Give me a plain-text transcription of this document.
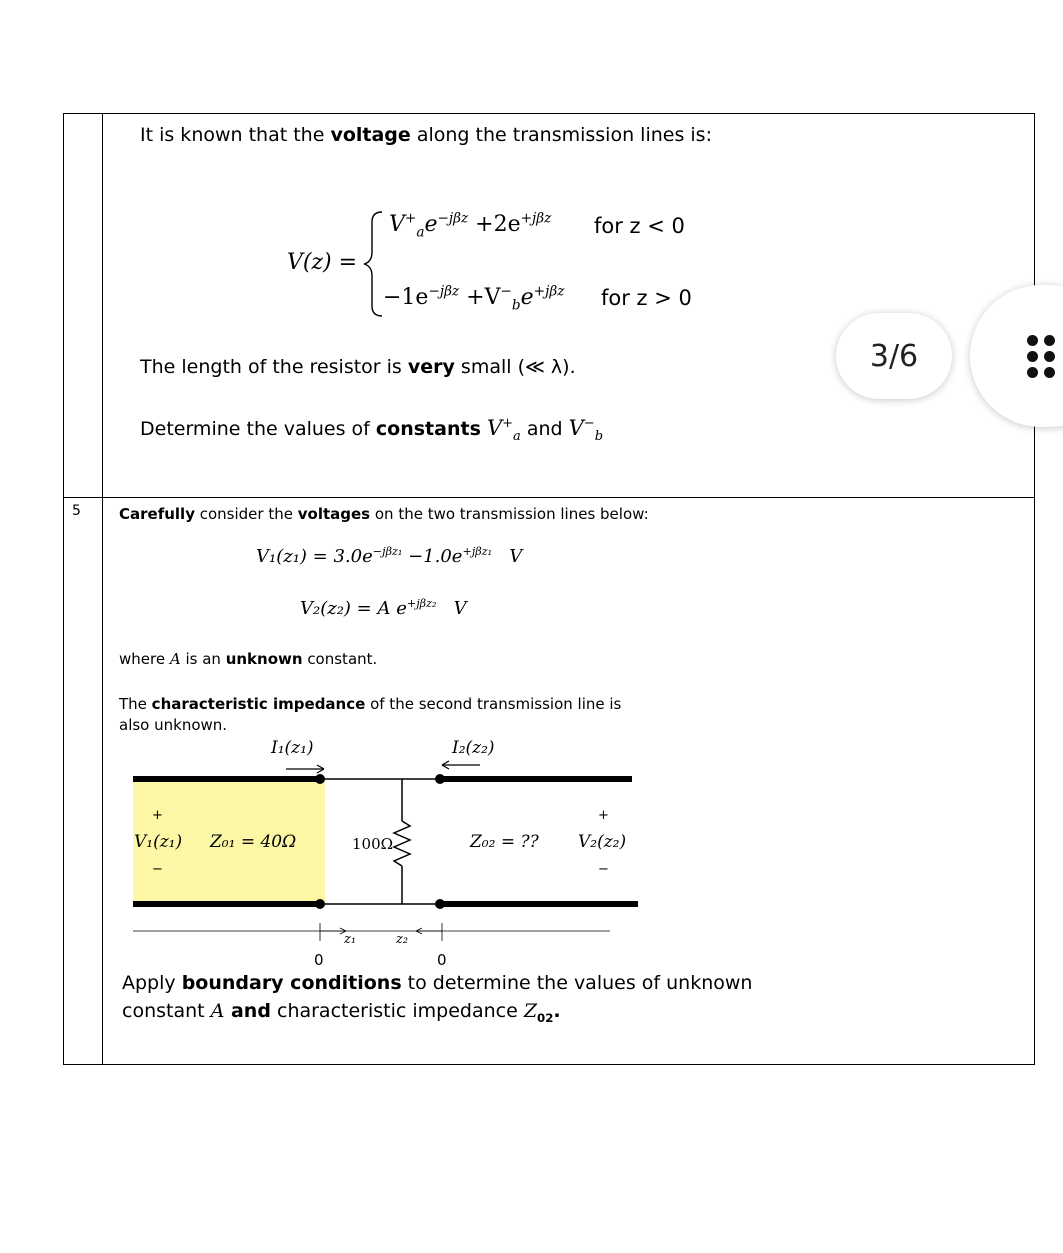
It is known that the voltage along the transmission lines is:
V(z) =
$V^+_ae^{-j\beta z} +2e^{+j\beta z}$ for z < 0
$-1e^{-j\beta z} +V^-_be^{+j\beta z}$ for z > 0
The length of the resistor is very small (≪ λ).
Determine the values of constants $V^+_a$ and $V^-_b$
5	Carefully consider the voltages on the two transmission lines below:
$V_1(z_1) = 3.0e^{-j\beta z_1} -1.0e^{+j\beta z_1}$ V
V₂(z₂) = A $e^{+j\beta z_2}$ V
where A is an unknown constant.
The characteristic impedance of the second transmission line is also unknown.
I₁(z₁)	I₂(z₂)
+
V₁(z₁)
−
Z₀₁ = 40Ω	100Ω	Z₀₂ = ??
+
V₂(z₂)
−
z₁	z₂
0	0
Apply boundary conditions to determine the values of unknown
constant A and characteristic impedance $Z_{02}$.
3/6
